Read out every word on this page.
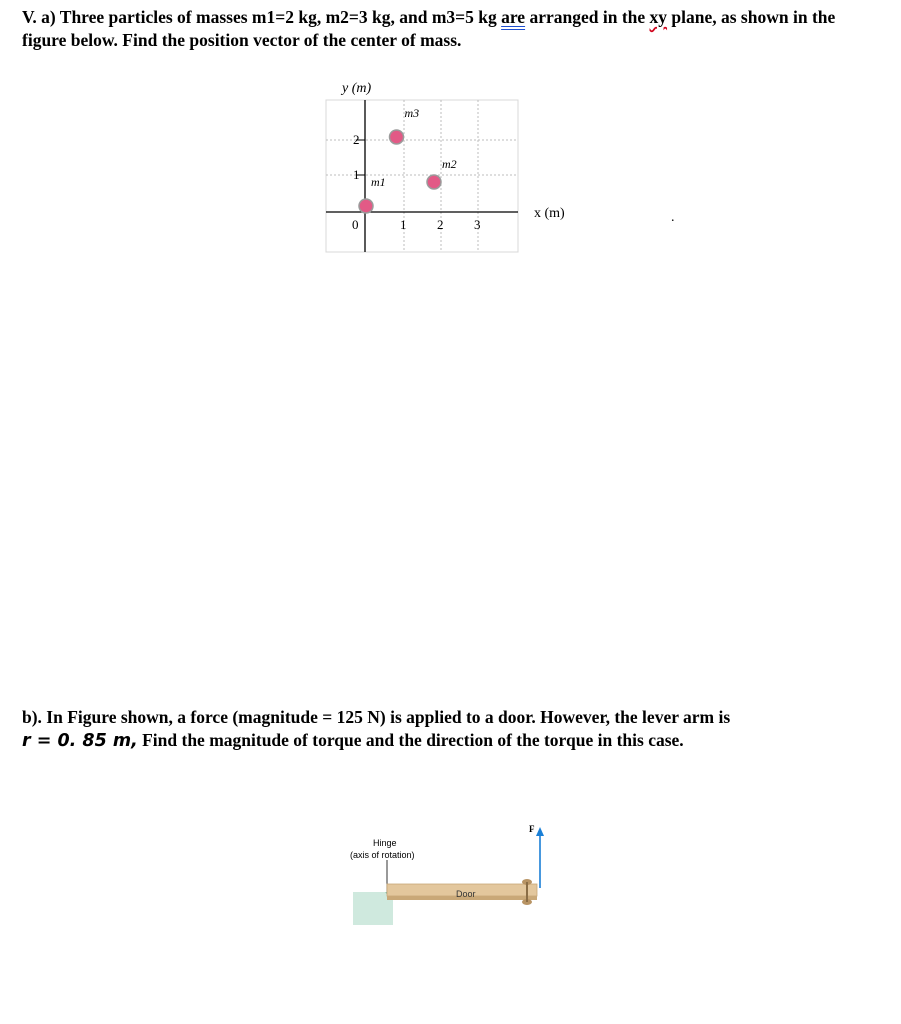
V. a) Three particles of masses m1=2 kg, m2=3 kg, and m3=5 kg are arranged in the xy plane, as shown in the figure below. Find the position vector of the center of mass.
y (m)
x (m)
2
1
0	1 2 3
m1
m2
m3
.
b). In Figure shown, a force (magnitude = 125 N) is applied to a door. However, the lever arm is
r = 0. 85 m, Find the magnitude of torque and the direction of the torque in this case.
Hinge
(axis of rotation)
Door
F
